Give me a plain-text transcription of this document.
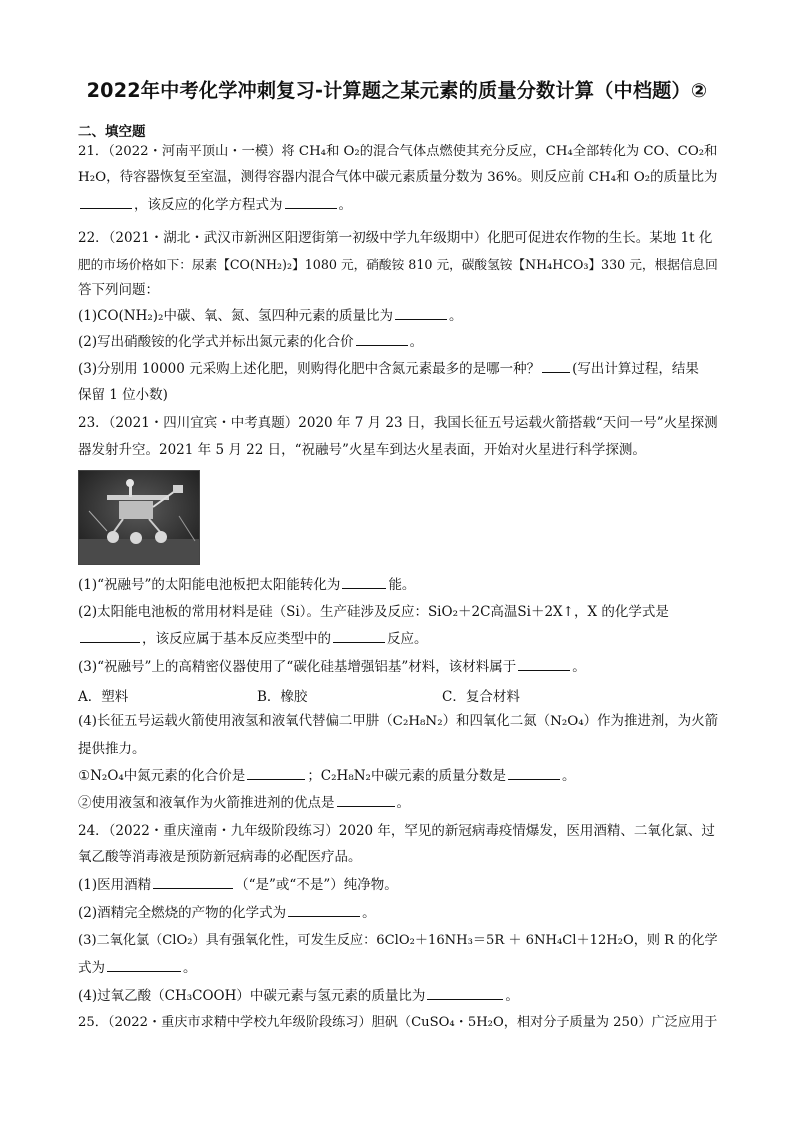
2022年中考化学冲刺复习-计算题之某元素的质量分数计算（中档题）②
二、填空题
21．（2022・河南平顶山・一模）将 CH₄和 O₂的混合气体点燃使其充分反应，CH₄全部转化为 CO、CO₂和
H₂O，待容器恢复至室温，测得容器内混合气体中碳元素质量分数为 36%。则反应前 CH₄和 O₂的质量比为
，该反应的化学方程式为	。
22．（2021・湖北・武汉市新洲区阳逻街第一初级中学九年级期中）化肥可促进农作物的生长。某地 1t 化
肥的市场价格如下：尿素【CO(NH₂)₂】1080 元，硝酸铵 810 元，碳酸氢铵【NH₄HCO₃】330 元，根据信息回
答下列问题：
(1)CO(NH₂)₂中碳、氧、氮、氢四种元素的质量比为	。
(2)写出硝酸铵的化学式并标出氮元素的化合价	。
(3)分别用 10000 元采购上述化肥，则购得化肥中含氮元素最多的是哪一种？ (写出计算过程，结果
保留 1 位小数)
23．（2021・四川宜宾・中考真题）2020 年 7 月 23 日，我国长征五号运载火箭搭载“天问一号”火星探测
器发射升空。2021 年 5 月 22 日，“祝融号”火星车到达火星表面，开始对火星进行科学探测。
(1)“祝融号”的太阳能电池板把太阳能转化为	能。
(2)太阳能电池板的常用材料是硅（Si）。生产硅涉及反应：SiO₂＋2C高温Si＋2X↑，X 的化学式是
，该反应属于基本反应类型中的	反应。
(3)“祝融号”上的高精密仪器使用了“碳化硅基增强铝基”材料，该材料属于	。
A．塑料	B．橡胶	C．复合材料
(4)长征五号运载火箭使用液氢和液氧代替偏二甲肼（C₂H₈N₂）和四氧化二氮（N₂O₄）作为推进剂，为火箭
提供推力。
①N₂O₄中氮元素的化合价是	；C₂H₈N₂中碳元素的质量分数是	。
②使用液氢和液氧作为火箭推进剂的优点是	。
24．（2022・重庆潼南・九年级阶段练习）2020 年，罕见的新冠病毒疫情爆发，医用酒精、二氧化氯、过
氧乙酸等消毒液是预防新冠病毒的必配医疗品。
(1)医用酒精	（“是”或“不是”）纯净物。
(2)酒精完全燃烧的产物的化学式为	。
(3)二氧化氯（ClO₂）具有强氧化性，可发生反应：6ClO₂＋16NH₃＝5R ＋ 6NH₄Cl＋12H₂O，则 R 的化学
式为	。
(4)过氧乙酸（CH₃COOH）中碳元素与氢元素的质量比为	。
25．（2022・重庆市求精中学校九年级阶段练习）胆矾（CuSO₄・5H₂O，相对分子质量为 250）广泛应用于
